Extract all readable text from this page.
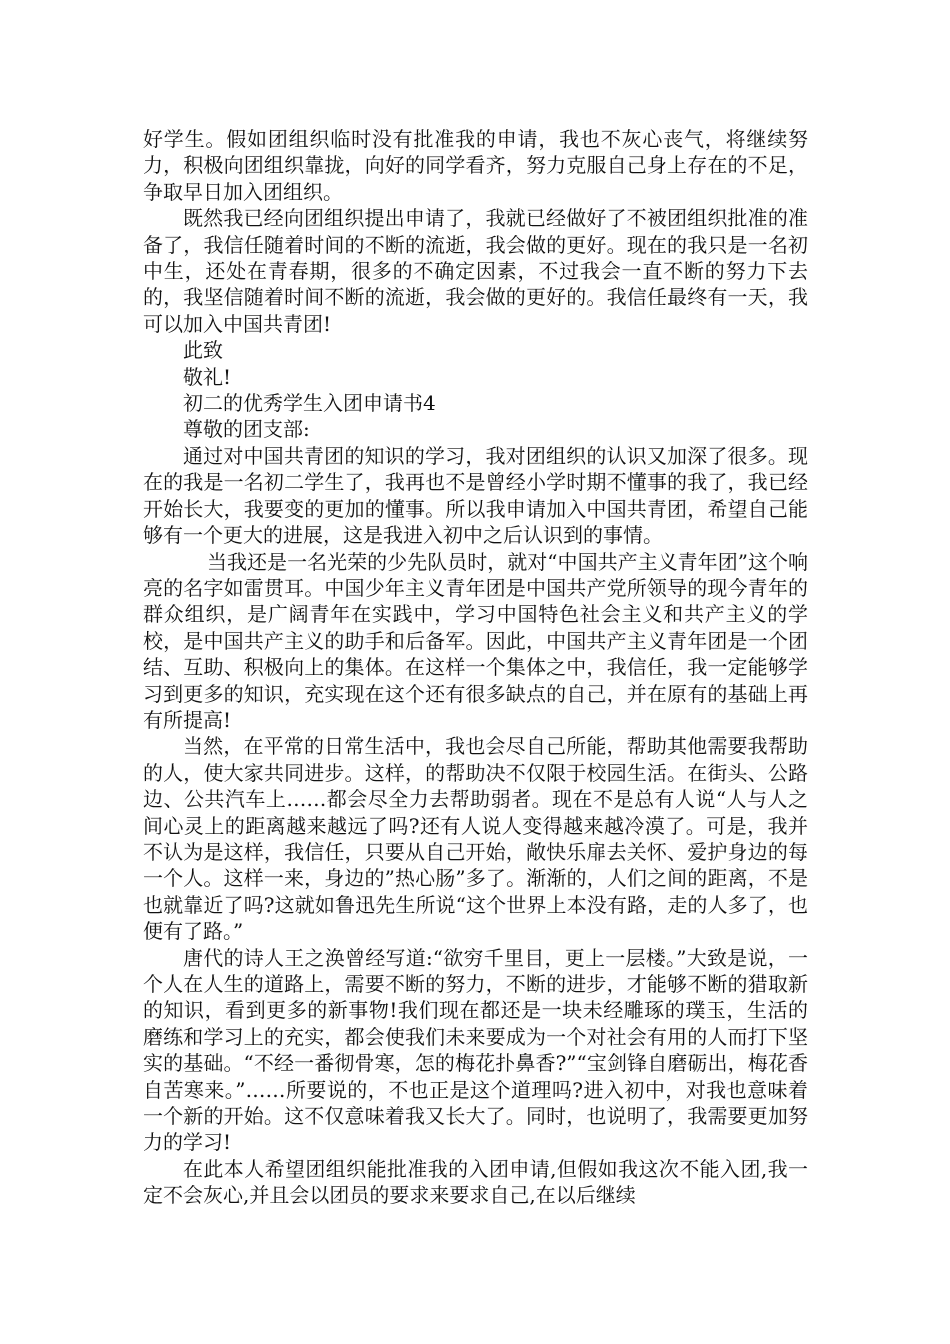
好学生。假如团组织临时没有批准我的申请，我也不灰心丧气，将继续努力，积极向团组织靠拢，向好的同学看齐，努力克服自己身上存在的不足，争取早日加入团组织。

既然我已经向团组织提出申请了，我就已经做好了不被团组织批准的准备了，我信任随着时间的不断的流逝，我会做的更好。现在的我只是一名初中生，还处在青春期，很多的不确定因素，不过我会一直不断的努力下去的，我坚信随着时间不断的流逝，我会做的更好的。我信任最终有一天，我可以加入中国共青团!

此致

敬礼!

初二的优秀学生入团申请书4

尊敬的团支部:

通过对中国共青团的知识的学习，我对团组织的认识又加深了很多。现在的我是一名初二学生了，我再也不是曾经小学时期不懂事的我了，我已经开始长大，我要变的更加的懂事。所以我申请加入中国共青团，希望自己能够有一个更大的进展，这是我进入初中之后认识到的事情。

当我还是一名光荣的少先队员时，就对“中国共产主义青年团”这个响亮的名字如雷贯耳。中国少年主义青年团是中国共产党所领导的现今青年的群众组织，是广阔青年在实践中，学习中国特色社会主义和共产主义的学校，是中国共产主义的助手和后备军。因此，中国共产主义青年团是一个团结、互助、积极向上的集体。在这样一个集体之中，我信任，我一定能够学习到更多的知识，充实现在这个还有很多缺点的自己，并在原有的基础上再有所提高!

当然，在平常的日常生活中，我也会尽自己所能，帮助其他需要我帮助的人，使大家共同进步。这样，的帮助决不仅限于校园生活。在街头、公路边、公共汽车上……都会尽全力去帮助弱者。现在不是总有人说“人与人之间心灵上的距离越来越远了吗?还有人说人变得越来越冷漠了。可是，我并不认为是这样，我信任，只要从自己开始，敞快乐扉去关怀、爱护身边的每一个人。这样一来，身边的”热心肠”多了。渐渐的，人们之间的距离，不是也就靠近了吗?这就如鲁迅先生所说“这个世界上本没有路，走的人多了，也便有了路。”

唐代的诗人王之涣曾经写道:“欲穷千里目，更上一层楼。”大致是说，一个人在人生的道路上，需要不断的努力，不断的进步，才能够不断的猎取新的知识，看到更多的新事物!我们现在都还是一块未经雕琢的璞玉，生活的磨练和学习上的充实，都会使我们未来要成为一个对社会有用的人而打下坚实的基础。“不经一番彻骨寒，怎的梅花扑鼻香?”“宝剑锋自磨砺出，梅花香自苦寒来。”……所要说的，不也正是这个道理吗?进入初中，对我也意味着一个新的开始。这不仅意味着我又长大了。同时，也说明了，我需要更加努力的学习!

在此本人希望团组织能批准我的入团申请,但假如我这次不能入团,我一定不会灰心,并且会以团员的要求来要求自己,在以后继续
